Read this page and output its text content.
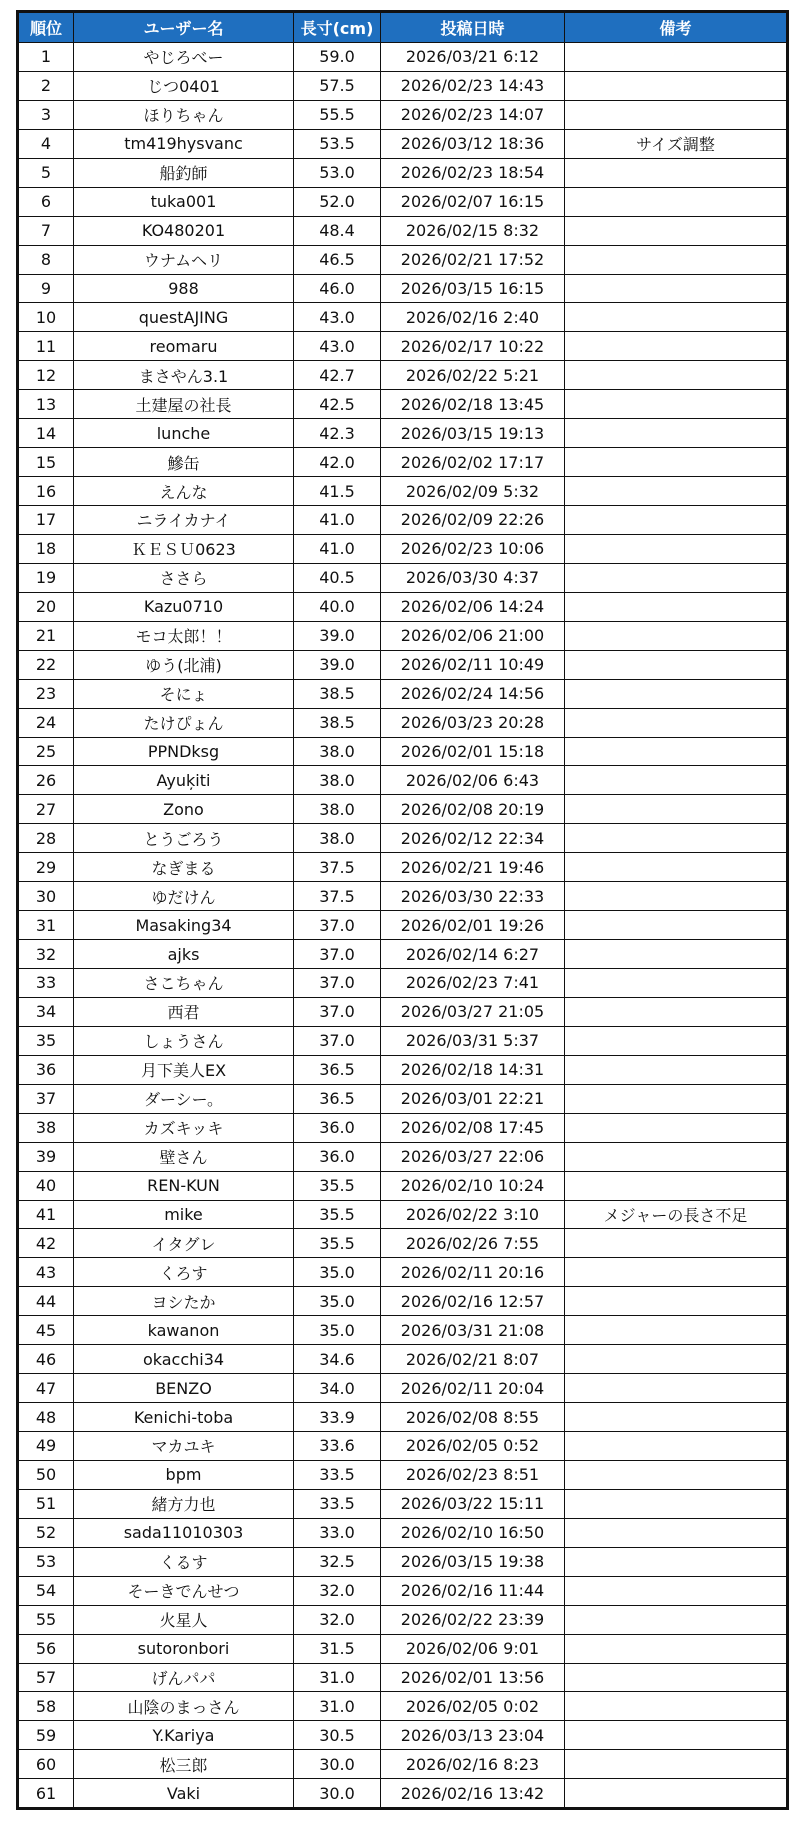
順位	ユーザー名	長寸(cm)	投稿日時	備考
1	やじろべー	59.0	2026/03/21 6:12	
2	じつ0401	57.5	2026/02/23 14:43	
3	ほりちゃん	55.5	2026/02/23 14:07	
4	tm419hysvanc	53.5	2026/03/12 18:36	サイズ調整
5	船釣師	53.0	2026/02/23 18:54	
6	tuka001	52.0	2026/02/07 16:15	
7	KO480201	48.4	2026/02/15 8:32	
8	ウナムヘリ	46.5	2026/02/21 17:52	
9	988	46.0	2026/03/15 16:15	
10	questAJING	43.0	2026/02/16 2:40	
11	reomaru	43.0	2026/02/17 10:22	
12	まさやん3.1	42.7	2026/02/22 5:21	
13	土建屋の社長	42.5	2026/02/18 13:45	
14	lunche	42.3	2026/03/15 19:13	
15	鰺缶	42.0	2026/02/02 17:17	
16	えんな	41.5	2026/02/09 5:32	
17	ニライカナイ	41.0	2026/02/09 22:26	
18	ＫＥＳＵ0623	41.0	2026/02/23 10:06	
19	ささら	40.5	2026/03/30 4:37	
20	Kazu0710	40.0	2026/02/06 14:24	
21	モコ太郎！！	39.0	2026/02/06 21:00	
22	ゆう(北浦)	39.0	2026/02/11 10:49	
23	そにょ	38.5	2026/02/24 14:56	
24	たけぴょん	38.5	2026/03/23 20:28	
25	PPNDksg	38.0	2026/02/01 15:18	
26	Ayuķiti	38.0	2026/02/06 6:43	
27	Zono	38.0	2026/02/08 20:19	
28	とうごろう	38.0	2026/02/12 22:34	
29	なぎまる	37.5	2026/02/21 19:46	
30	ゆだけん	37.5	2026/03/30 22:33	
31	Masaking34	37.0	2026/02/01 19:26	
32	ajks	37.0	2026/02/14 6:27	
33	さこちゃん	37.0	2026/02/23 7:41	
34	西君	37.0	2026/03/27 21:05	
35	しょうさん	37.0	2026/03/31 5:37	
36	月下美人EX	36.5	2026/02/18 14:31	
37	ダーシー。	36.5	2026/03/01 22:21	
38	カズキッキ	36.0	2026/02/08 17:45	
39	壁さん	36.0	2026/03/27 22:06	
40	REN-KUN	35.5	2026/02/10 10:24	
41	mike	35.5	2026/02/22 3:10	メジャーの長さ不足
42	イタグレ	35.5	2026/02/26 7:55	
43	くろす	35.0	2026/02/11 20:16	
44	ヨシたか	35.0	2026/02/16 12:57	
45	kawanon	35.0	2026/03/31 21:08	
46	okacchi34	34.6	2026/02/21 8:07	
47	BENZO	34.0	2026/02/11 20:04	
48	Kenichi-toba	33.9	2026/02/08 8:55	
49	マカユキ	33.6	2026/02/05 0:52	
50	bpm	33.5	2026/02/23 8:51	
51	緒方力也	33.5	2026/03/22 15:11	
52	sada11010303	33.0	2026/02/10 16:50	
53	くるす	32.5	2026/03/15 19:38	
54	そーきでんせつ	32.0	2026/02/16 11:44	
55	火星人	32.0	2026/02/22 23:39	
56	sutoronbori	31.5	2026/02/06 9:01	
57	げんパパ	31.0	2026/02/01 13:56	
58	山陰のまっさん	31.0	2026/02/05 0:02	
59	Y.Kariya	30.5	2026/03/13 23:04	
60	松三郎	30.0	2026/02/16 8:23	
61	Vaki	30.0	2026/02/16 13:42	
